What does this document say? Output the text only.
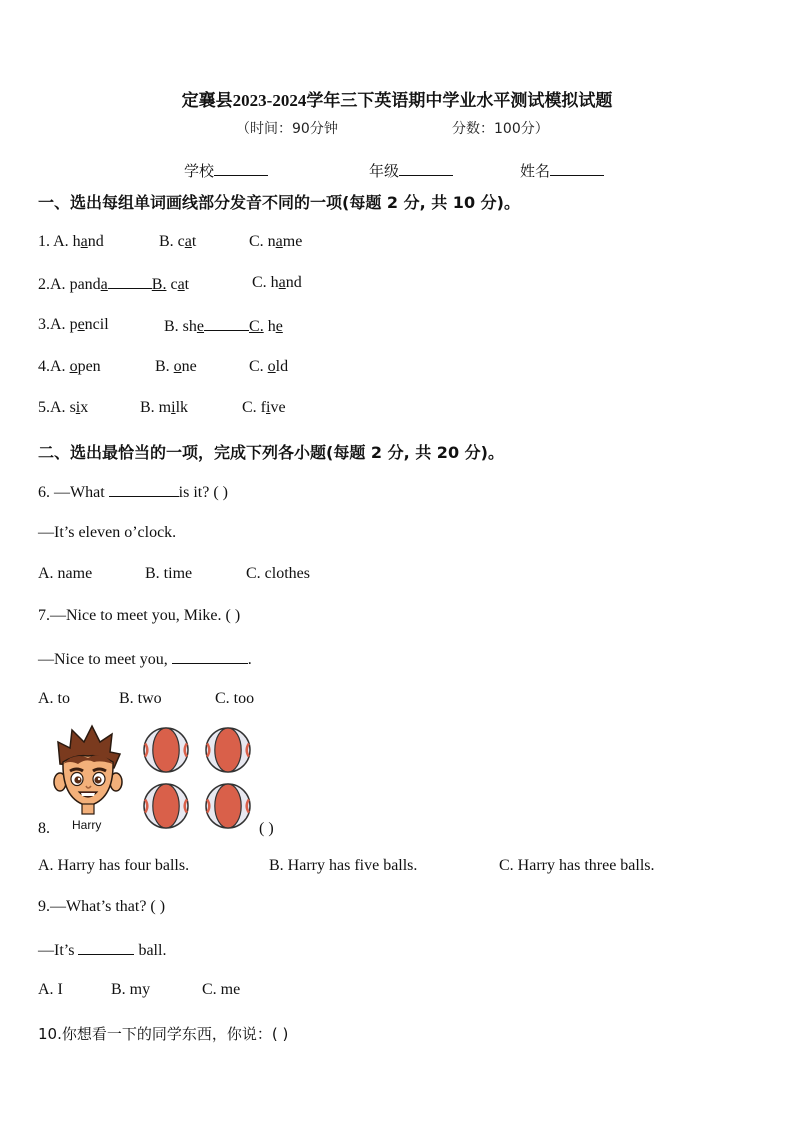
定襄县2023-2024学年三下英语期中学业水平测试模拟试题
（时间：90分钟	分数：100分）
学校	年级	姓名
一、选出每组单词画线部分发音不同的一项(每题 2 分, 共 10 分)。
1. A. hand	B. cat	C. name
2.A. panda	B. cat	C. hand
3.A. pencil	B. she	C. he
4.A. open	B. one	C. old
5.A. six	B. milk	C. five
二、选出最恰当的一项，完成下列各小题(每题 2 分, 共 20 分)。
6. —What	is it? ( )
—It’s eleven o’clock.
A. name	B. time	C. clothes
7.—Nice to meet you, Mike. ( )
—Nice to meet you,	.
A. to	B. two	C. too
Harry
8.	( )
A. Harry has four balls.	B. Harry has five balls.	C. Harry has three balls.
9.—What’s that? ( )
—It’s	ball.
A. I	B. my	C. me
10.你想看一下的同学东西，你说：( )
